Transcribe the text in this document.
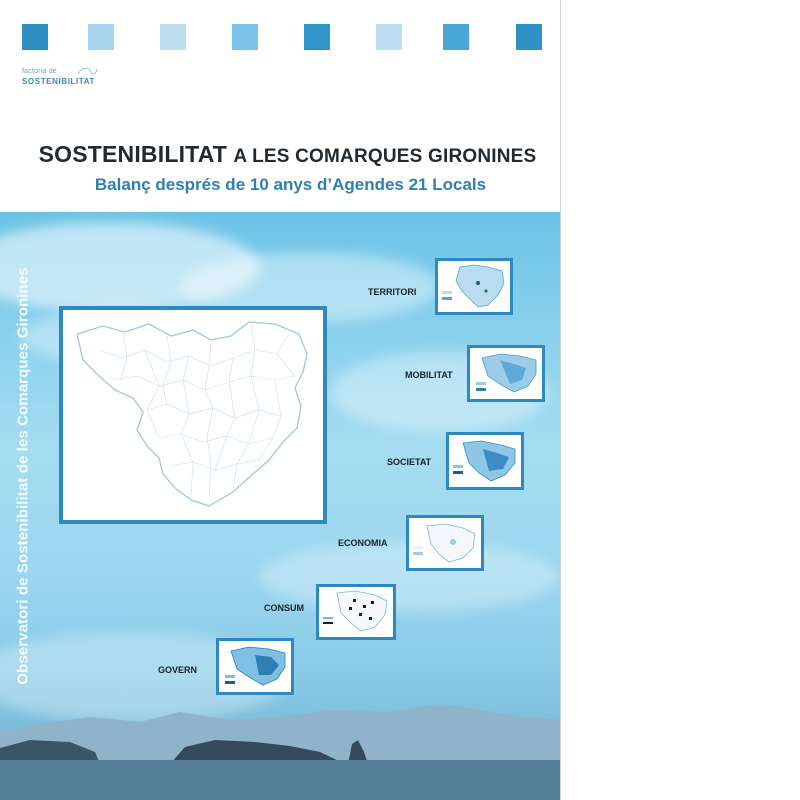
factoria de
SOSTENIBILITAT
SOSTENIBILITAT A LES COMARQUES GIRONINES
Balanç després de 10 anys d’Agendes 21 Locals
Observatori de Sostenibilitat de les Comarques Gironines	TERRITORI
MOBILITAT
SOCIETAT
ECONOMIA
CONSUM
GOVERN
